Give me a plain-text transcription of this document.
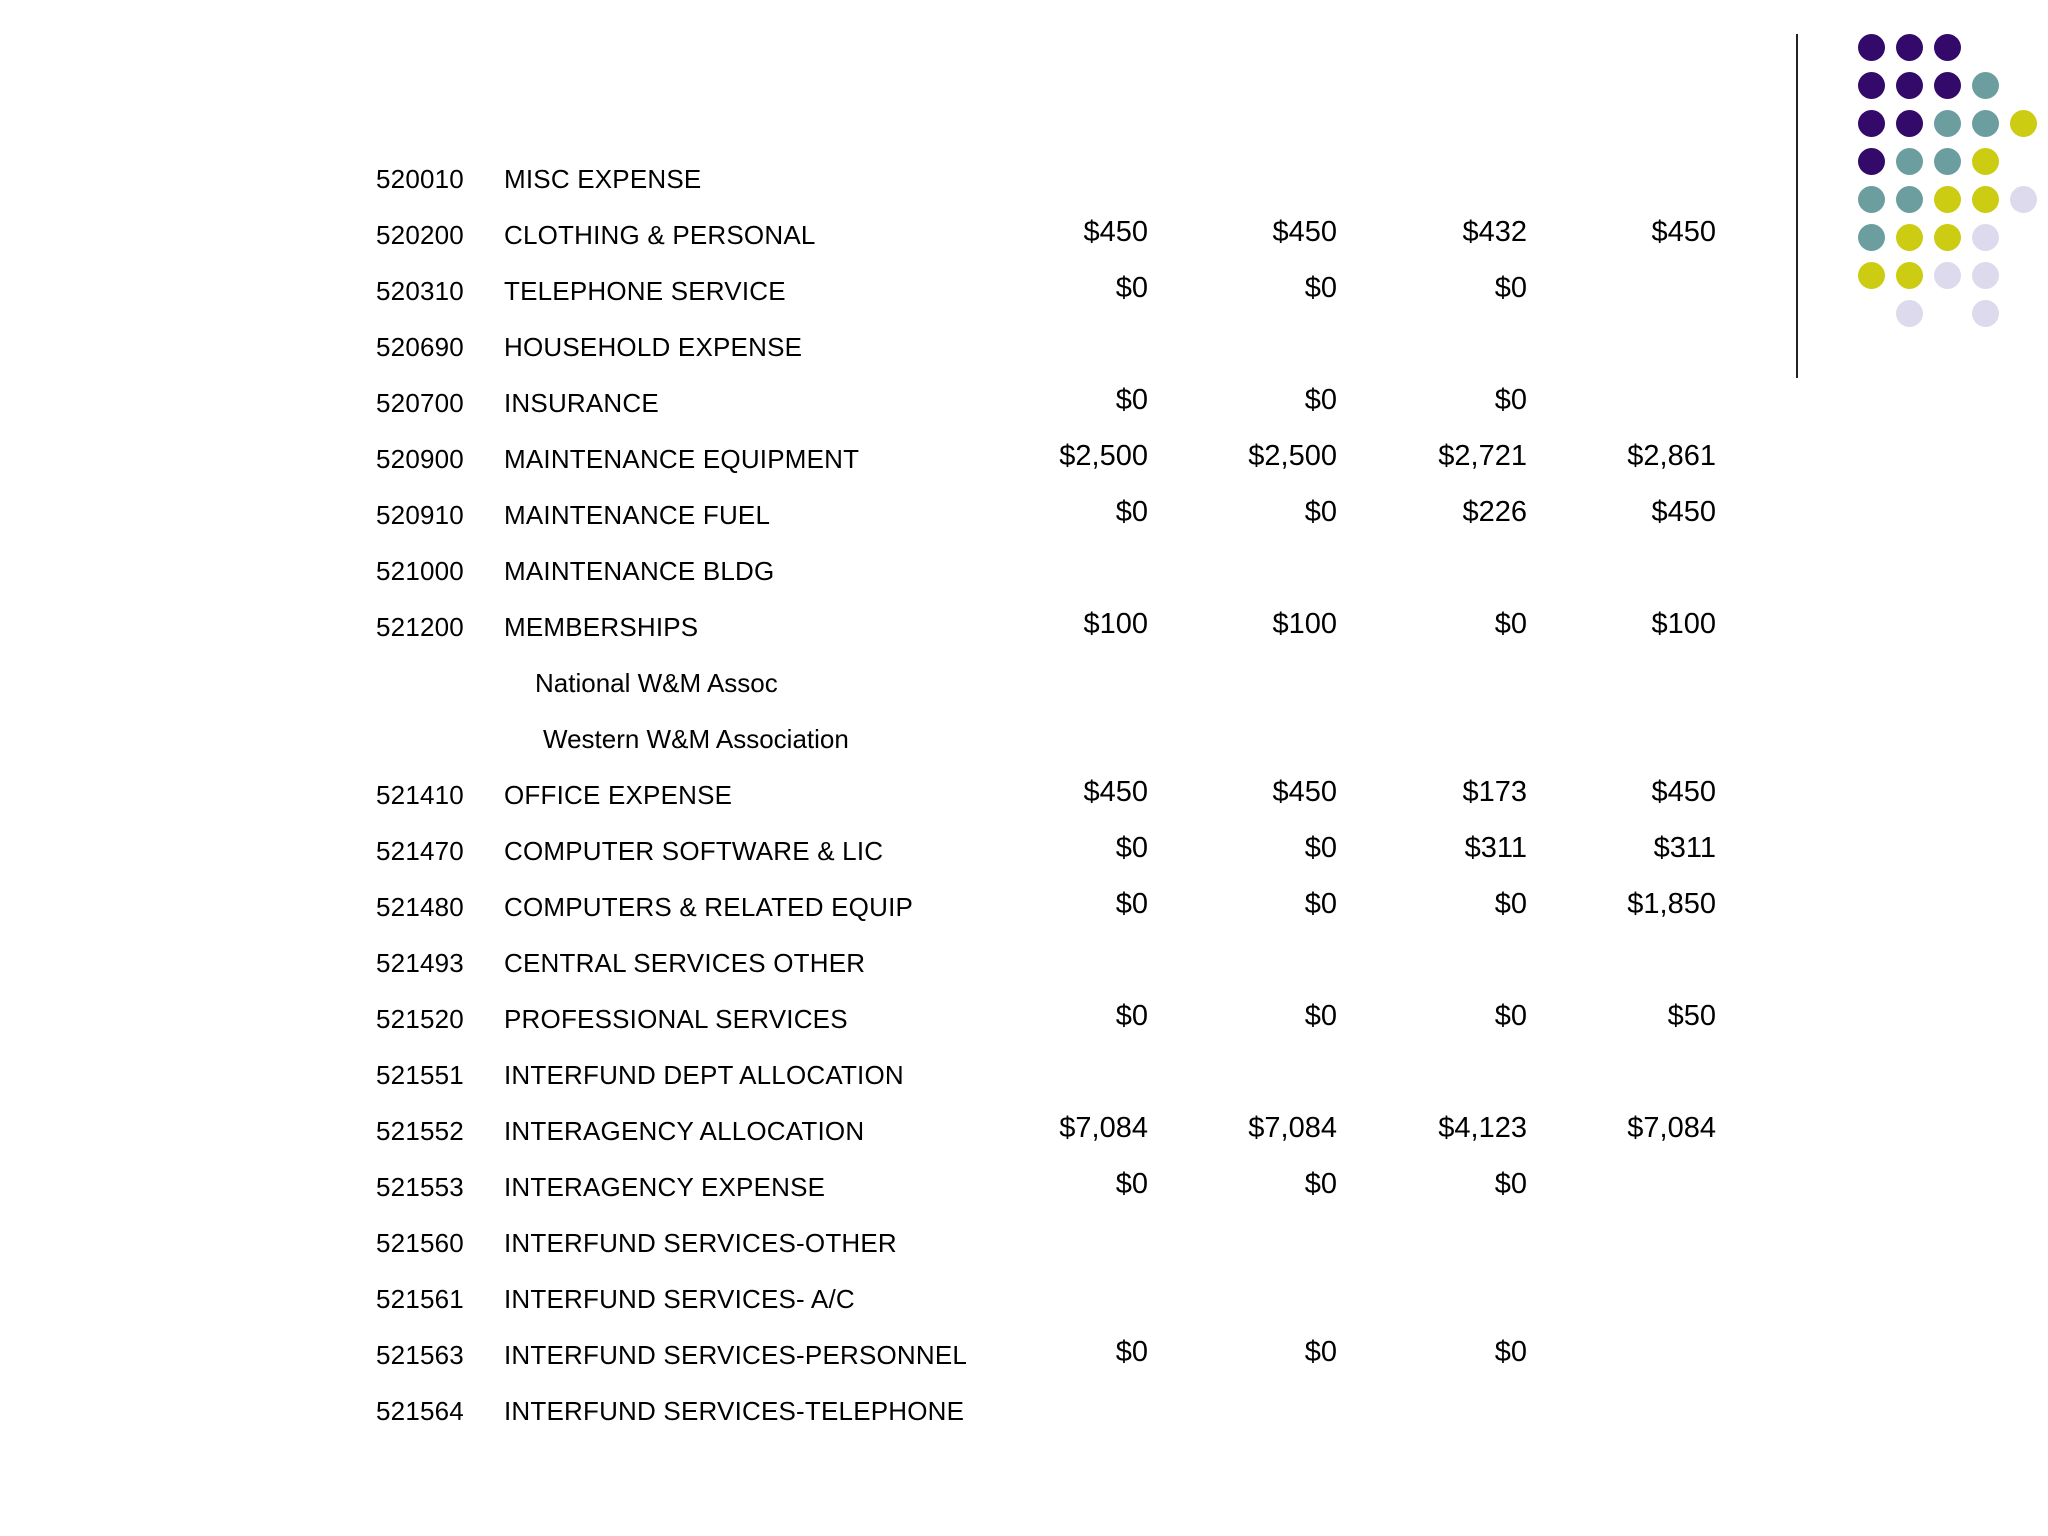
520010 MISC EXPENSE
520200 CLOTHING & PERSONAL	$450	$450	$432	$450
520310 TELEPHONE SERVICE	$0	$0	$0
520690 HOUSEHOLD EXPENSE
520700 INSURANCE	$0	$0	$0
520900 MAINTENANCE EQUIPMENT	$2,500	$2,500	$2,721	$2,861
520910 MAINTENANCE FUEL	$0	$0	$226	$450
521000 MAINTENANCE BLDG
521200 MEMBERSHIPS	$100	$100	$0	$100
National W&M Assoc
Western W&M Association
521410 OFFICE EXPENSE	$450	$450	$173	$450
521470 COMPUTER SOFTWARE & LIC	$0	$0	$311	$311
521480 COMPUTERS & RELATED EQUIP	$0	$0	$0	$1,850
521493 CENTRAL SERVICES OTHER
521520 PROFESSIONAL SERVICES	$0	$0	$0	$50
521551 INTERFUND DEPT ALLOCATION
521552 INTERAGENCY ALLOCATION	$7,084	$7,084	$4,123	$7,084
521553 INTERAGENCY EXPENSE	$0	$0	$0
521560 INTERFUND SERVICES-OTHER
521561 INTERFUND SERVICES- A/C
521563 INTERFUND SERVICES-PERSONNEL	$0	$0	$0
521564 INTERFUND SERVICES-TELEPHONE
